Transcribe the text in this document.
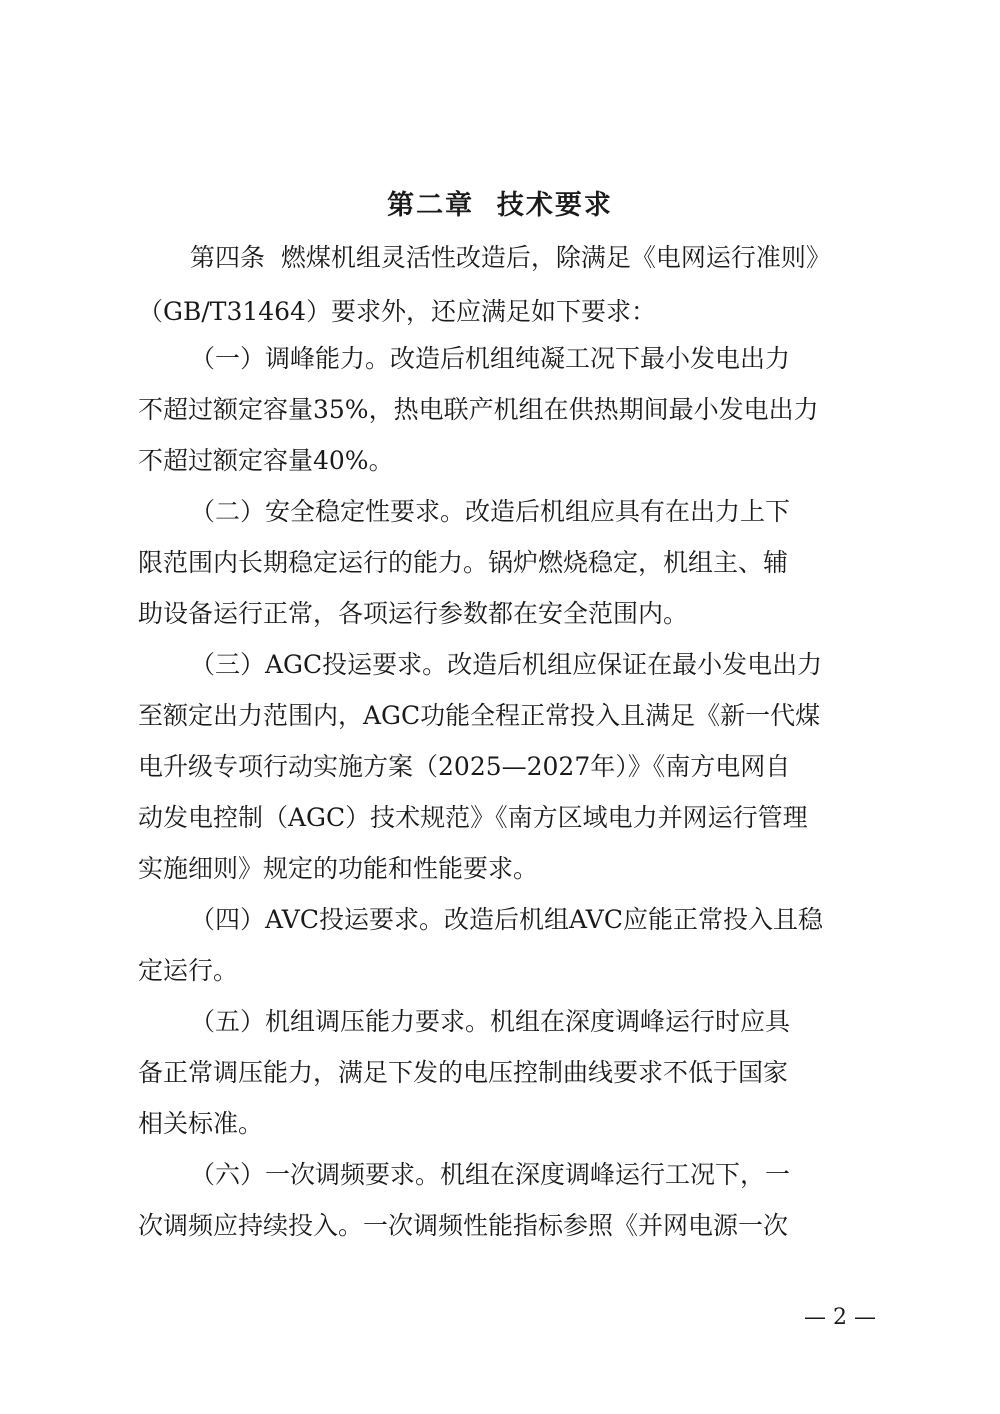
第二章  技术要求
第四条  燃煤机组灵活性改造后，除满足《电网运行准则》
（GB/T31464）要求外，还应满足如下要求：
（一）调峰能力。改造后机组纯凝工况下最小发电出力
不超过额定容量35%，热电联产机组在供热期间最小发电出力
不超过额定容量40%。
（二）安全稳定性要求。改造后机组应具有在出力上下
限范围内长期稳定运行的能力。锅炉燃烧稳定，机组主、辅
助设备运行正常，各项运行参数都在安全范围内。
（三）AGC投运要求。改造后机组应保证在最小发电出力
至额定出力范围内，AGC功能全程正常投入且满足《新一代煤
电升级专项行动实施方案（2025—2027年）》《南方电网自
动发电控制（AGC）技术规范》《南方区域电力并网运行管理
实施细则》规定的功能和性能要求。
（四）AVC投运要求。改造后机组AVC应能正常投入且稳
定运行。
（五）机组调压能力要求。机组在深度调峰运行时应具
备正常调压能力，满足下发的电压控制曲线要求不低于国家
相关标准。
（六）一次调频要求。机组在深度调峰运行工况下，一
次调频应持续投入。一次调频性能指标参照《并网电源一次
— 2 —
